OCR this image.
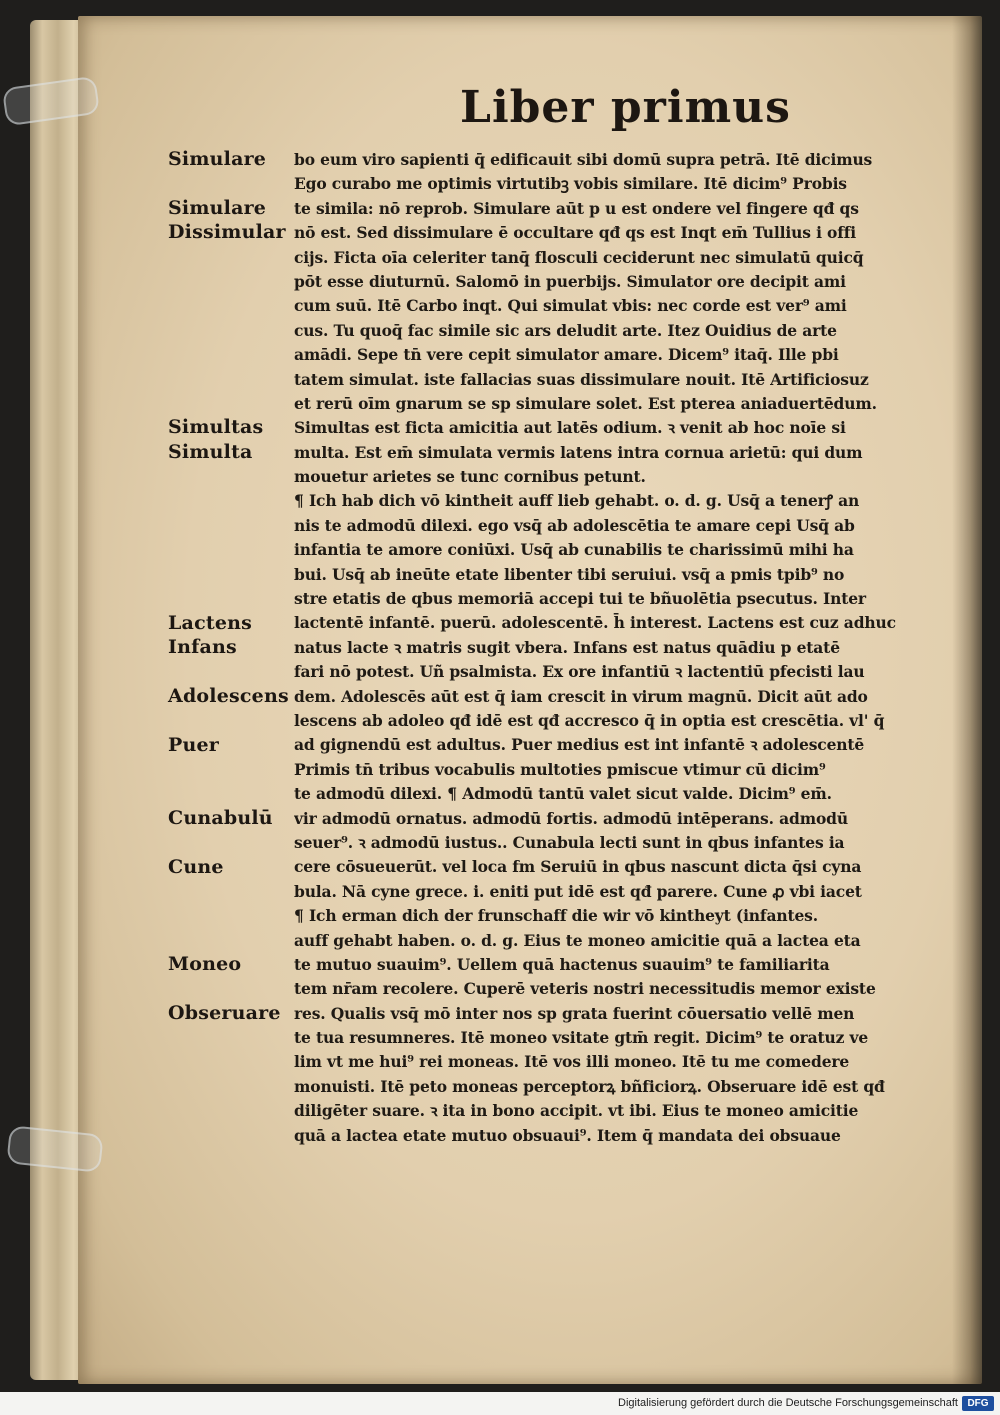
Liber primus
Simulare
Simulare
Dissimular
Simultas
Simulta
Lactens
Infans
Adolescens
Puer
Cunabulū
Cune
Moneo
Obseruare
bo eum viro sapienti q̄ edificauit sibi domū supra petrā. Itē dicimus
Ego curabo me optimis virtutibꝫ vobis similare. Itē dicim⁹ Probis
te simila: nō reprob. Simulare aūt p u est ondere vel fingere qđ qs
nō est. Sed dissimulare ē occultare qđ qs est Inqt em̄ Tullius i offi
cijs. Ficta oīa celeriter tanq̄ flosculi ceciderunt nec simulatū quicq̄
pōt esse diuturnū. Salomō in puerbijs. Simulator ore decipit ami
cum suū. Itē Carbo inqt. Qui simulat vbis: nec corde est ver⁹ ami
cus. Tu quoq̄ fac simile sic ars deludit arte. Itez Ouidius de arte
amādi. Sepe tn̄ vere cepit simulator amare. Dicem⁹ itaq̄. Ille pbi
tatem simulat. iste fallacias suas dissimulare nouit. Itē Artificiosuz
et rerū oīm gnarum se sp simulare solet. Est pterea aniaduertēdum.
Simultas est ficta amicitia aut latēs odium. ꝛ venit ab hoc noīe si
multa. Est em̄ simulata vermis latens intra cornua arietū: qui dum
mouetur arietes se tunc cornibus petunt.
¶ Ich hab dich vō kintheit auff lieb gehabt. o. d. g. Usq̄ a tenerꝭ an
nis te admodū dilexi. ego vsq̄ ab adolescētia te amare cepi Usq̄ ab
infantia te amore coniūxi. Usq̄ ab cunabilis te charissimū mihi ha
bui. Usq̄ ab ineūte etate libenter tibi seruiui. vsq̄ a pmis tpib⁹ no
stre etatis de qbus memoriā accepi tui te bñuolētia psecutus. Inter
lactentē infantē. puerū. adolescentē. h̄ interest. Lactens est cuz adhuc
natus lacte ꝛ matris sugit vbera. Infans est natus quādiu p etatē
fari nō potest. Uñ psalmista. Ex ore infantiū ꝛ lactentiū pfecisti lau
dem. Adolescēs aūt est q̄ iam crescit in virum magnū. Dicit aūt ado
lescens ab adoleo qđ idē est qđ accresco q̄ in optia est crescētia. vl' q̄
ad gignendū est adultus. Puer medius est int infantē ꝛ adolescentē
Primis tn̄ tribus vocabulis multoties pmiscue vtimur cū dicim⁹
te admodū dilexi. ¶ Admodū tantū valet sicut valde. Dicim⁹ em̄.
vir admodū ornatus. admodū fortis. admodū intēperans. admodū
seuer⁹. ꝛ admodū iustus.. Cunabula lecti sunt in qbus infantes ia
cere cōsueuerūt. vel loca fm Seruiū in qbus nascunt dicta q̄si cyna
bula. Nā cyne grece. i. eniti put idē est qđ parere. Cune ꝓ vbi iacet
¶ Ich erman dich der frunschaff die wir vō kintheyt (infantes.
auff gehabt haben. o. d. g. Eius te moneo amicitie quā a lactea eta
te mutuo suauim⁹. Uellem quā hactenus suauim⁹ te familiarita
tem nr̄am recolere. Cuperē veteris nostri necessitudis memor existe
res. Qualis vsq̄ mō inter nos sp grata fuerint cōuersatio vellē men
te tua resumneres. Itē moneo vsitate gtm̄ regit. Dicim⁹ te oratuz ve
lim vt me hui⁹ rei moneas. Itē vos illi moneo. Itē tu me comedere
monuisti. Itē peto moneas perceptorꝝ bñficiorꝝ. Obseruare idē est qđ
diligēter suare. ꝛ ita in bono accipit. vt ibi. Eius te moneo amicitie
quā a lactea etate mutuo obsuaui⁹. Item q̄ mandata dei obsuaue
Digitalisierung gefördert durch die Deutsche Forschungsgemeinschaft DFG
